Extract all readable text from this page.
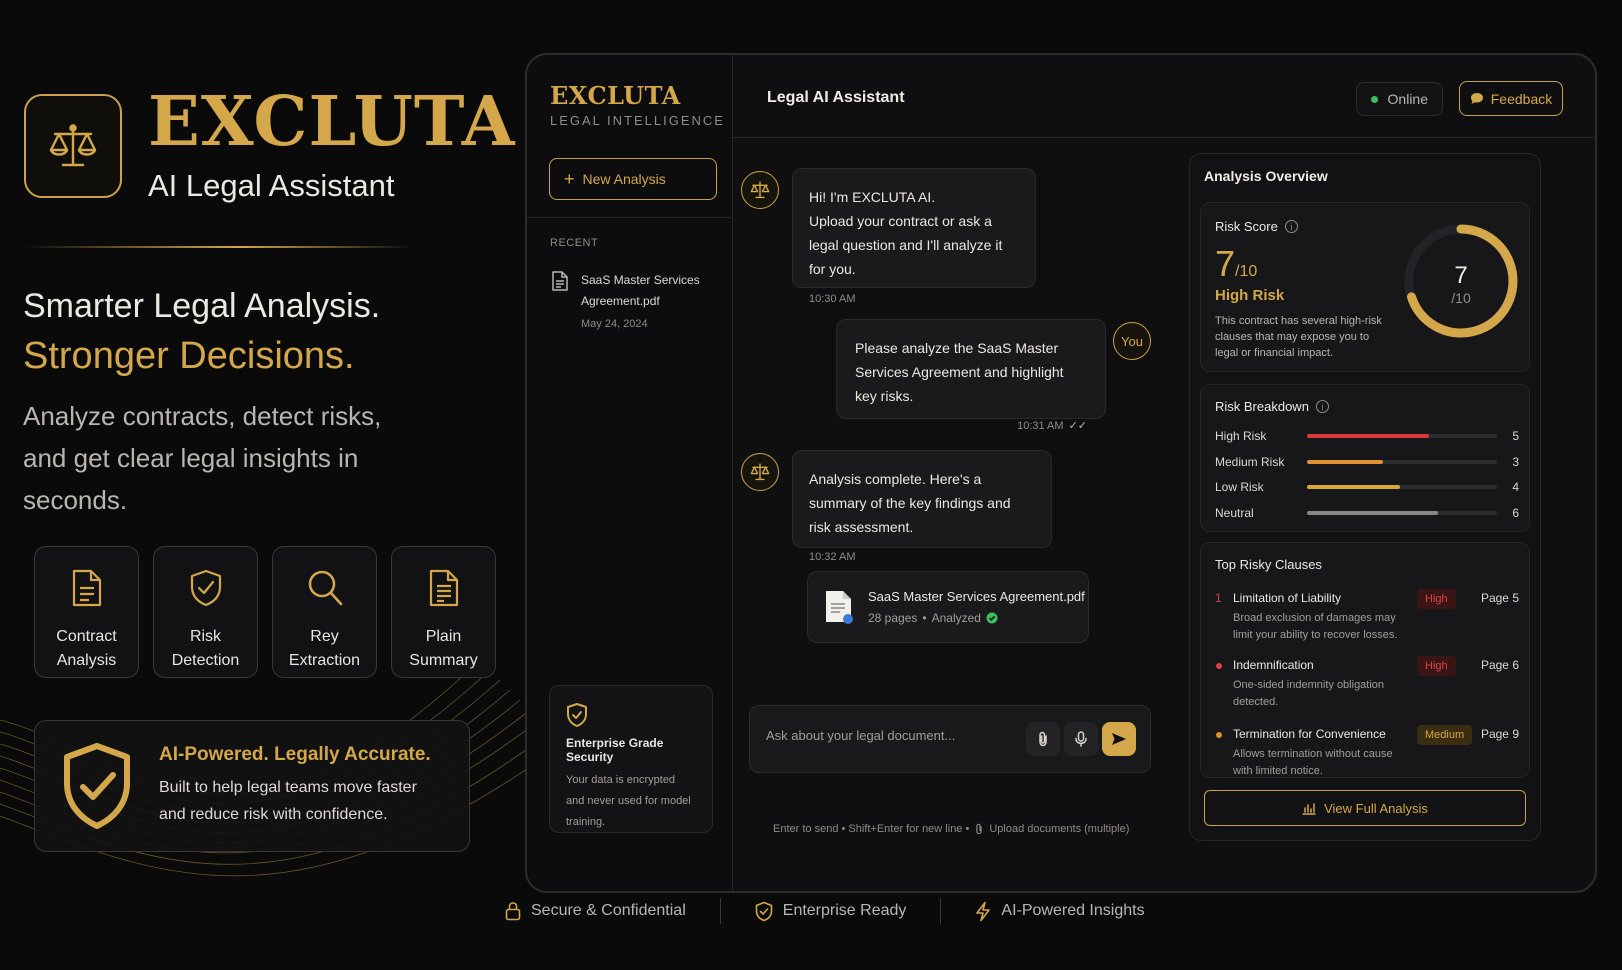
EXCLUTA
AI Legal Assistant
Smarter Legal Analysis.
Stronger Decisions.
Analyze contracts, detect risks, and get clear legal insights in seconds.
Contract Analysis
Risk Detection
Rey Extraction
Plain Summary
AI-Powered. Legally Accurate.
Built to help legal teams move faster and reduce risk with confidence.
EXCLUTA
LEGAL INTELLIGENCE
+ New Analysis
RECENT
SaaS Master Services Agreement.pdf
May 24, 2024
Enterprise Grade Security
Your data is encrypted and never used for model training.
Legal AI Assistant	Online	Feedback
Hi! I'm EXCLUTA AI.
Upload your contract or ask a legal question and I'll analyze it for you.
10:30 AM
Please analyze the SaaS Master Services Agreement and highlight key risks.
10:31 AM ✓✓
You
Analysis complete. Here's a summary of the key findings and risk assessment.
10:32 AM
SaaS Master Services Agreement.pdf
28 pages • Analyzed
Ask about your legal document...
Enter to send • Shift+Enter for new line • Upload documents (multiple)
Analysis Overview
Risk Score	i
7/10
High Risk
This contract has several high-risk clauses that may expose you to legal or financial impact.
7
/10
Risk Breakdown	i
High Risk	5
Medium Risk	3
Low Risk	4
Neutral	6
Top Risky Clauses
1 Limitation of Liability
Broad exclusion of damages may limit your ability to recover losses.
High	Page 5
Indemnification
One-sided indemnity obligation detected.
High	Page 6
Termination for Convenience
Allows termination without cause with limited notice.
Medium	Page 9
View Full Analysis
Secure & Confidential	Enterprise Ready	AI-Powered Insights
